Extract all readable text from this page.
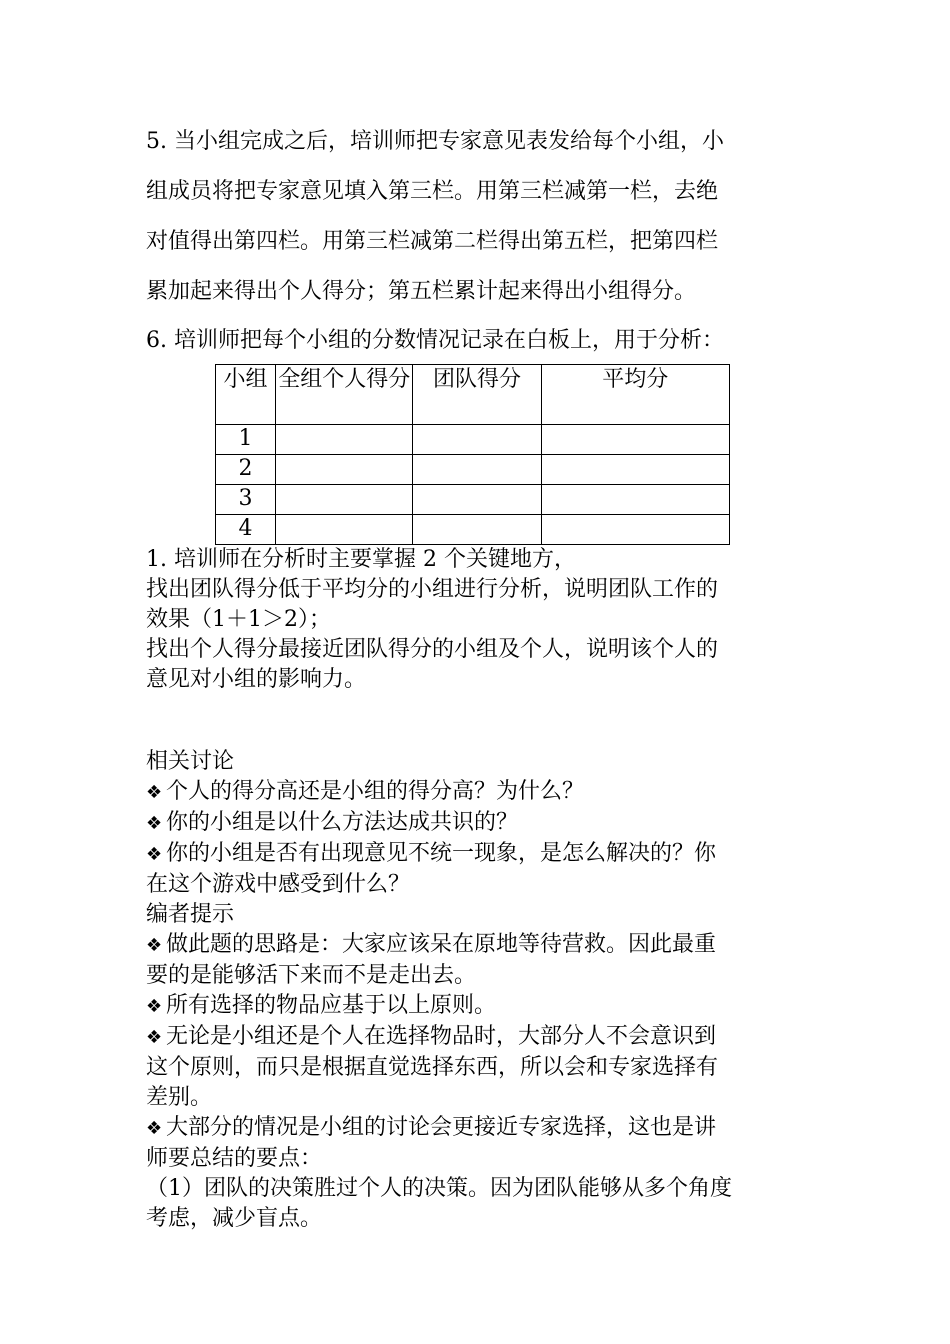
5. 当小组完成之后，培训师把专家意见表发给每个小组，小
组成员将把专家意见填入第三栏。用第三栏减第一栏，去绝
对值得出第四栏。用第三栏减第二栏得出第五栏，把第四栏
累加起来得出个人得分；第五栏累计起来得出小组得分。

6. 培训师把每个小组的分数情况记录在白板上，用于分析：

小组	全组个人得分	团队得分	平均分
1			
2			
3			
4			
1. 培训师在分析时主要掌握 2 个关键地方，
找出团队得分低于平均分的小组进行分析，说明团队工作的
效果（1＋1＞2）；
找出个人得分最接近团队得分的小组及个人，说明该个人的
意见对小组的影响力。
相关讨论
❖ 个人的得分高还是小组的得分高？为什么？
❖ 你的小组是以什么方法达成共识的？
❖ 你的小组是否有出现意见不统一现象，是怎么解决的？你
在这个游戏中感受到什么？
编者提示
❖ 做此题的思路是：大家应该呆在原地等待营救。因此最重
要的是能够活下来而不是走出去。
❖ 所有选择的物品应基于以上原则。
❖ 无论是小组还是个人在选择物品时，大部分人不会意识到
这个原则，而只是根据直觉选择东西，所以会和专家选择有
差别。
❖ 大部分的情况是小组的讨论会更接近专家选择，这也是讲
师要总结的要点：
（1）团队的决策胜过个人的决策。因为团队能够从多个角度
考虑，减少盲点。
